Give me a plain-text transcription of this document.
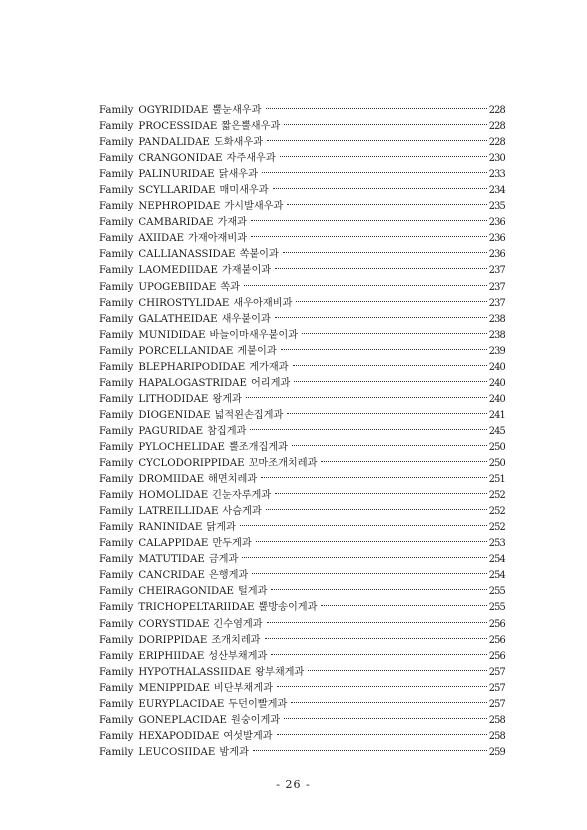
Family OGYRIDIDAE 뿔눈새우과	228
Family PROCESSIDAE 짧은뿔새우과	228
Family PANDALIDAE 도화새우과	228
Family CRANGONIDAE 자주새우과	230
Family PALINURIDAE 닭새우과	233
Family SCYLLARIDAE 매미새우과	234
Family NEPHROPIDAE 가시발새우과	235
Family CAMBARIDAE 가재과	236
Family AXIIDAE 가재아재비과	236
Family CALLIANASSIDAE 쏙붙이과	236
Family LAOMEDIIDAE 가재붙이과	237
Family UPOGEBIIDAE 쏙과	237
Family CHIROSTYLIDAE 새우아재비과	237
Family GALATHEIDAE 새우붙이과	238
Family MUNIDIDAE 바늘이마새우붙이과	238
Family PORCELLANIDAE 게붙이과	239
Family BLEPHARIPODIDAE 게가재과	240
Family HAPALOGASTRIDAE 어리게과	240
Family LITHODIDAE 왕게과	240
Family DIOGENIDAE 넓적왼손집게과	241
Family PAGURIDAE 참집게과	245
Family PYLOCHELIDAE 뿔조개집게과	250
Family CYCLODORIPPIDAE 꼬마조개치레과	250
Family DROMIIDAE 해면치레과	251
Family HOMOLIDAE 긴눈자루게과	252
Family LATREILLIDAE 사슴게과	252
Family RANINIDAE 닭게과	252
Family CALAPPIDAE 만두게과	253
Family MATUTIDAE 금게과	254
Family CANCRIDAE 은행게과	254
Family CHEIRAGONIDAE 털게과	255
Family TRICHOPELTARIIDAE 뿔방송이게과	255
Family CORYSTIDAE 긴수염게과	256
Family DORIPPIDAE 조개치레과	256
Family ERIPHIIDAE 성산부채게과	256
Family HYPOTHALASSIIDAE 왕부채게과	257
Family MENIPPIDAE 비단부채게과	257
Family EURYPLACIDAE 두던이빨게과	257
Family GONEPLACIDAE 원숭이게과	258
Family HEXAPODIDAE 여섯발게과	258
Family LEUCOSIIDAE 밤게과	259
- 26 -
